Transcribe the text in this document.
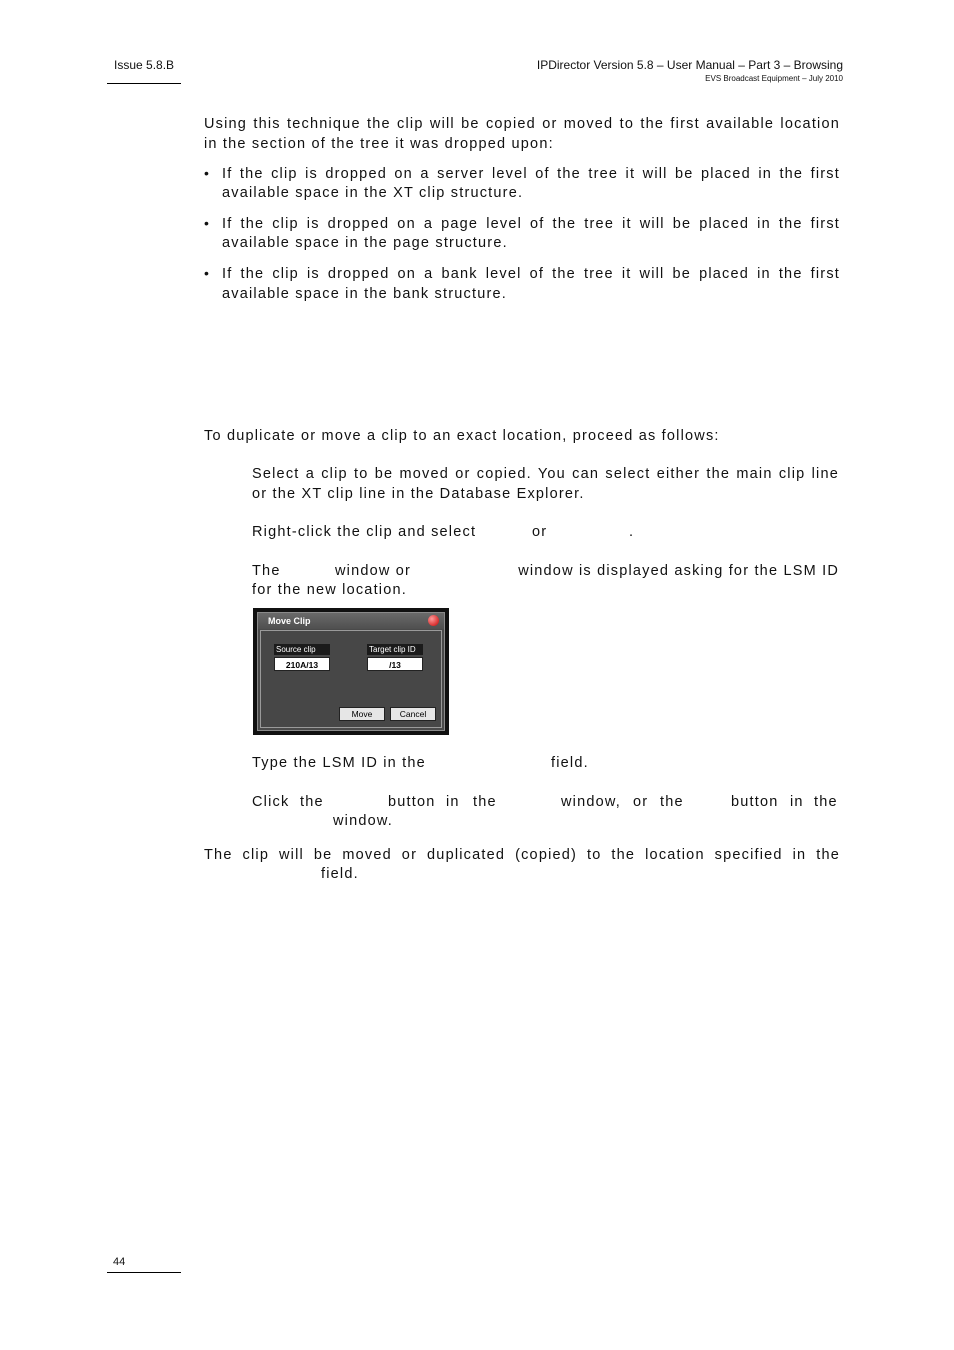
Issue 5.8.B	IPDirector Version 5.8 – User Manual – Part 3 – Browsing
EVS Broadcast Equipment – July 2010
Using this technique the clip will be copied or moved to the first available location in the section of the tree it was dropped upon:
• If the clip is dropped on a server level of the tree it will be placed in the first
available space in the XT clip structure.
• If the clip is dropped on a page level of the tree it will be placed in the first
available space in the page structure.
• If the clip is dropped on a bank level of the tree it will be placed in the first
available space in the bank structure.
To duplicate or move a clip to an exact location, proceed as follows:
Select a clip to be moved or copied. You can select either the main clip line
or the XT clip line in the Database Explorer.
Right-click the clip and select	or	.
The	window or	window is displayed asking for the LSM ID
for the new location.
Move Clip
Source clip
210A/13
Target clip ID
/13
Move	Cancel
Type the LSM ID in the	field.
Click the	button in the	window, or the	button in the
window.
The clip will be moved or duplicated (copied) to the location specified in the
field.
44
